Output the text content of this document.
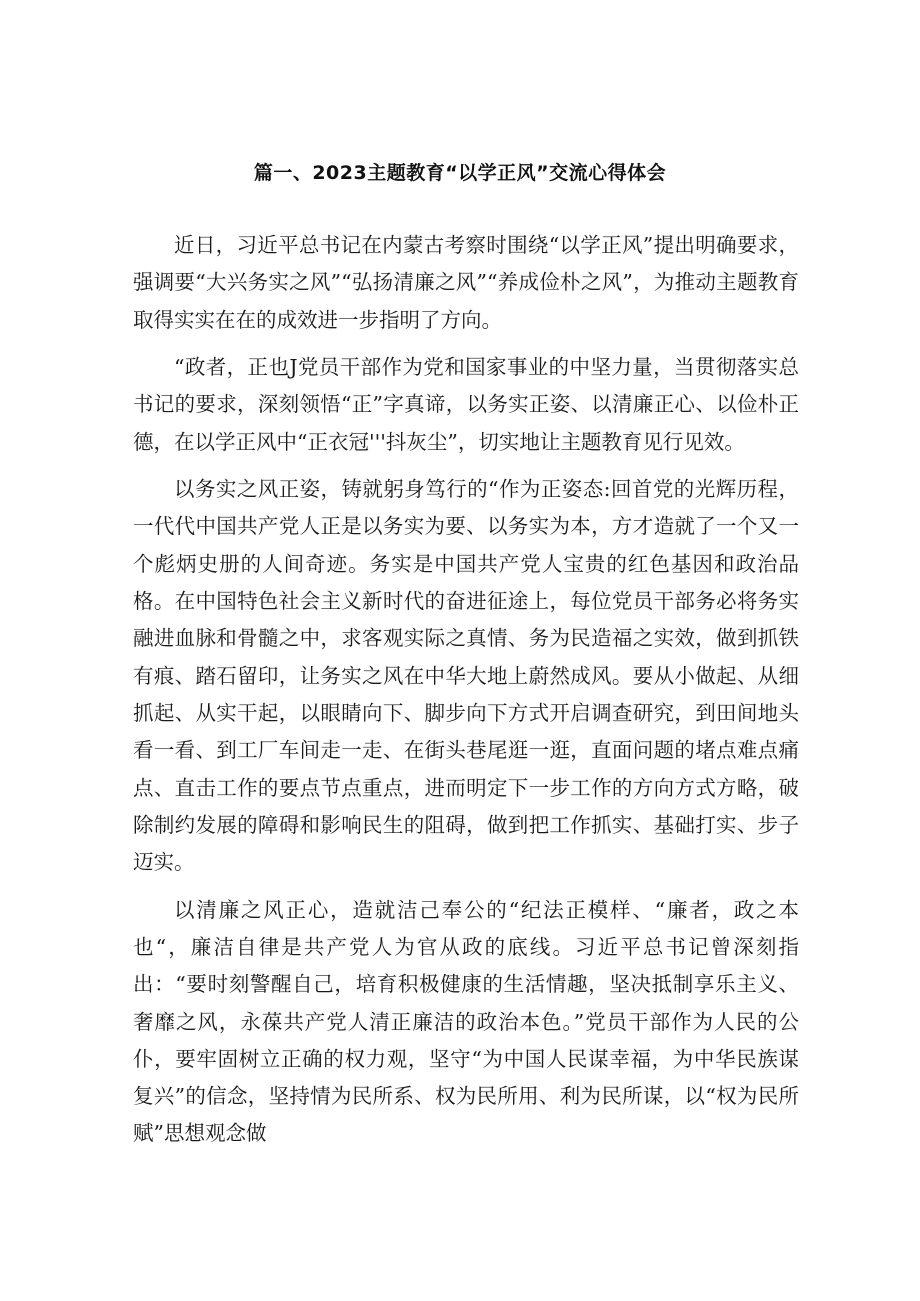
篇一、2023主题教育“以学正风”交流心得体会

近日，习近平总书记在内蒙古考察时围绕“以学正风”提出明确要求，强调要“大兴务实之风”“弘扬清廉之风”“养成俭朴之风”，为推动主题教育取得实实在在的成效进一步指明了方向。

“政者，正也J党员干部作为党和国家事业的中坚力量，当贯彻落实总书记的要求，深刻领悟“正”字真谛，以务实正姿、以清廉正心、以俭朴正德，在以学正风中“正衣冠'''抖灰尘”，切实地让主题教育见行见效。

以务实之风正姿，铸就躬身笃行的“作为正姿态:回首党的光辉历程，一代代中国共产党人正是以务实为要、以务实为本，方才造就了一个又一个彪炳史册的人间奇迹。务实是中国共产党人宝贵的红色基因和政治品格。在中国特色社会主义新时代的奋进征途上，每位党员干部务必将务实融进血脉和骨髓之中，求客观实际之真情、务为民造福之实效，做到抓铁有痕、踏石留印，让务实之风在中华大地上蔚然成风。要从小做起、从细抓起、从实干起，以眼睛向下、脚步向下方式开启调查研究，到田间地头看一看、到工厂车间走一走、在街头巷尾逛一逛，直面问题的堵点难点痛点、直击工作的要点节点重点，进而明定下一步工作的方向方式方略，破除制约发展的障碍和影响民生的阻碍，做到把工作抓实、基础打实、步子迈实。

以清廉之风正心，造就洁己奉公的“纪法正模样、“廉者，政之本也“，廉洁自律是共产党人为官从政的底线。习近平总书记曾深刻指出：“要时刻警醒自己，培育积极健康的生活情趣，坚决抵制享乐主义、奢靡之风，永葆共产党人清正廉洁的政治本色。”党员干部作为人民的公仆，要牢固树立正确的权力观，坚守“为中国人民谋幸福，为中华民族谋复兴”的信念，坚持情为民所系、权为民所用、利为民所谋，以“权为民所赋”思想观念做
